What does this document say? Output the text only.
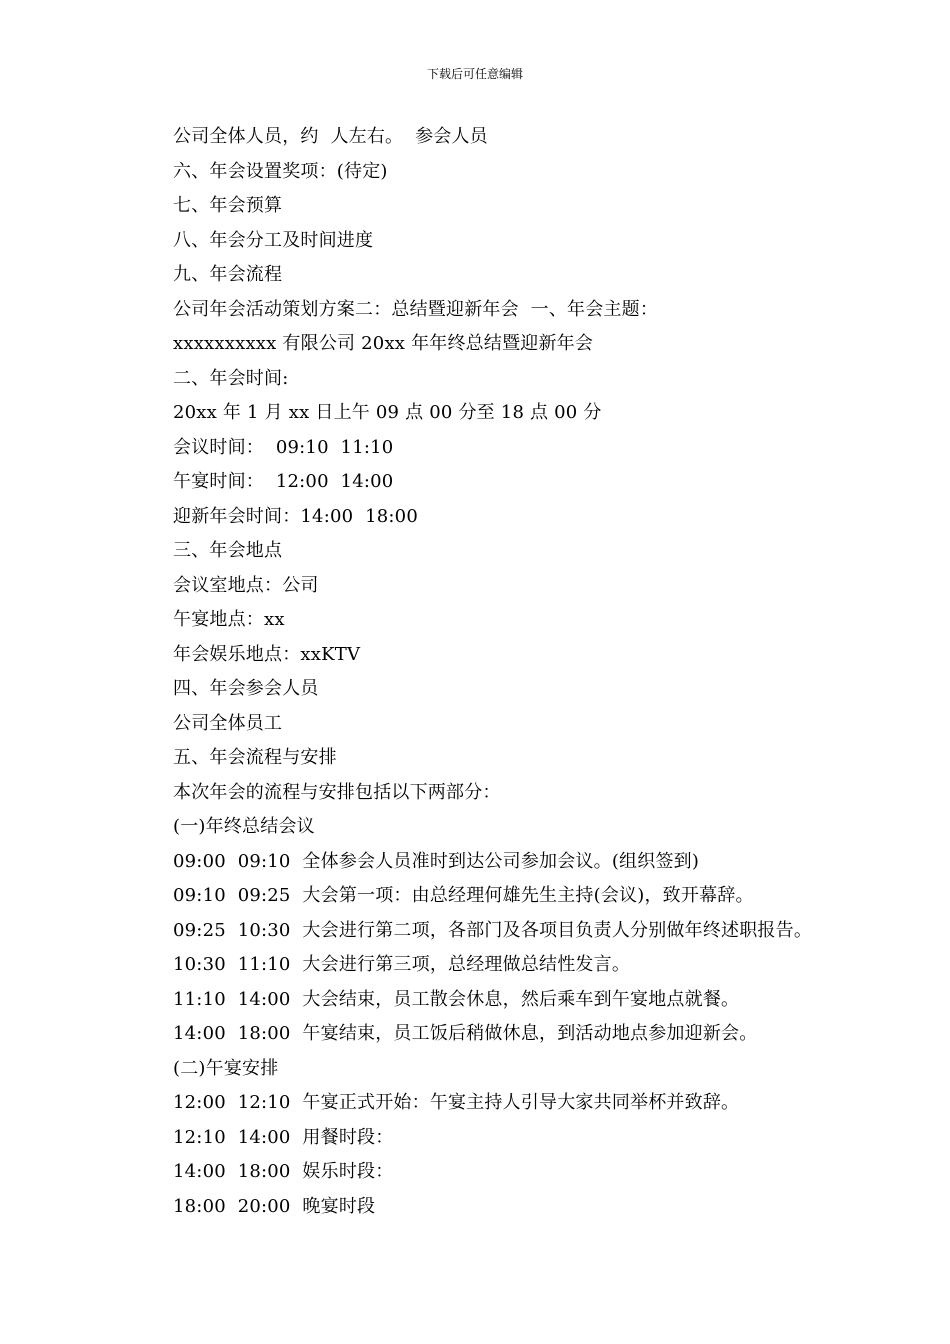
下载后可任意编辑
公司全体人员，约  人左右。  参会人员
六、年会设置奖项：(待定)
七、年会预算
八、年会分工及时间进度
九、年会流程
公司年会活动策划方案二：总结暨迎新年会  一、年会主题：
xxxxxxxxxx 有限公司 20xx 年年终总结暨迎新年会
二、年会时间:
20xx 年 1 月 xx 日上午 09 点 00 分至 18 点 00 分
会议时间：  09:10  11:10
午宴时间：  12:00  14:00
迎新年会时间：14:00  18:00
三、年会地点
会议室地点：公司
午宴地点：xx
年会娱乐地点：xxKTV
四、年会参会人员
公司全体员工
五、年会流程与安排
本次年会的流程与安排包括以下两部分：
(一)年终总结会议
09:00  09:10  全体参会人员准时到达公司参加会议。(组织签到)
09:10  09:25  大会第一项：由总经理何雄先生主持(会议)，致开幕辞。
09:25  10:30  大会进行第二项，各部门及各项目负责人分别做年终述职报告。
10:30  11:10  大会进行第三项，总经理做总结性发言。
11:10  14:00  大会结束，员工散会休息，然后乘车到午宴地点就餐。
14:00  18:00  午宴结束，员工饭后稍做休息，到活动地点参加迎新会。
(二)午宴安排
12:00  12:10  午宴正式开始：午宴主持人引导大家共同举杯并致辞。
12:10  14:00  用餐时段：
14:00  18:00  娱乐时段：
18:00  20:00  晚宴时段
